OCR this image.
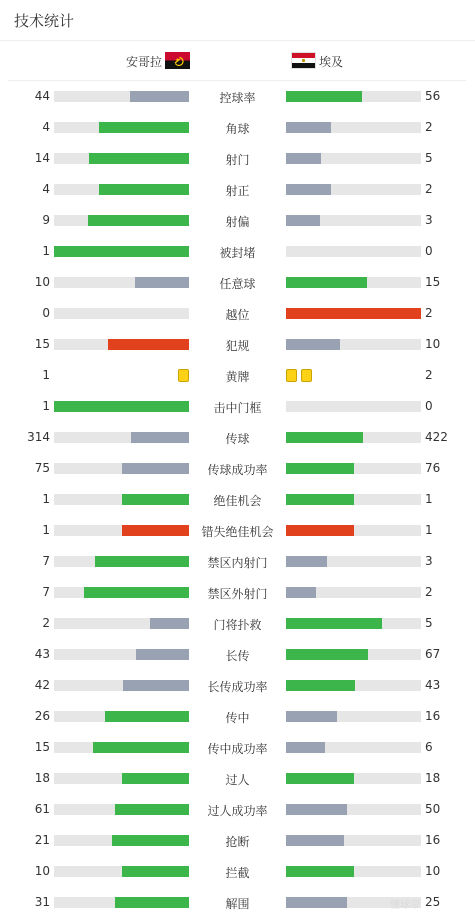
技术统计
安哥拉	埃及
44	控球率	56
4	角球	2
14	射门	5
4	射正	2
9	射偏	3
1	被封堵	0
10	任意球	15
0	越位	2
15	犯规	10
1	黄牌	2
1	击中门框	0
314	传球	422
75	传球成功率	76
1	绝佳机会	1
1	错失绝佳机会	1
7	禁区内射门	3
7	禁区外射门	2
2	门将扑救	5
43	长传	67
42	长传成功率	43
26	传中	16
15	传中成功率	6
18	过人	18
61	过人成功率	50
21	抢断	16
10	拦截	10
31	解围	25
懂球帝
